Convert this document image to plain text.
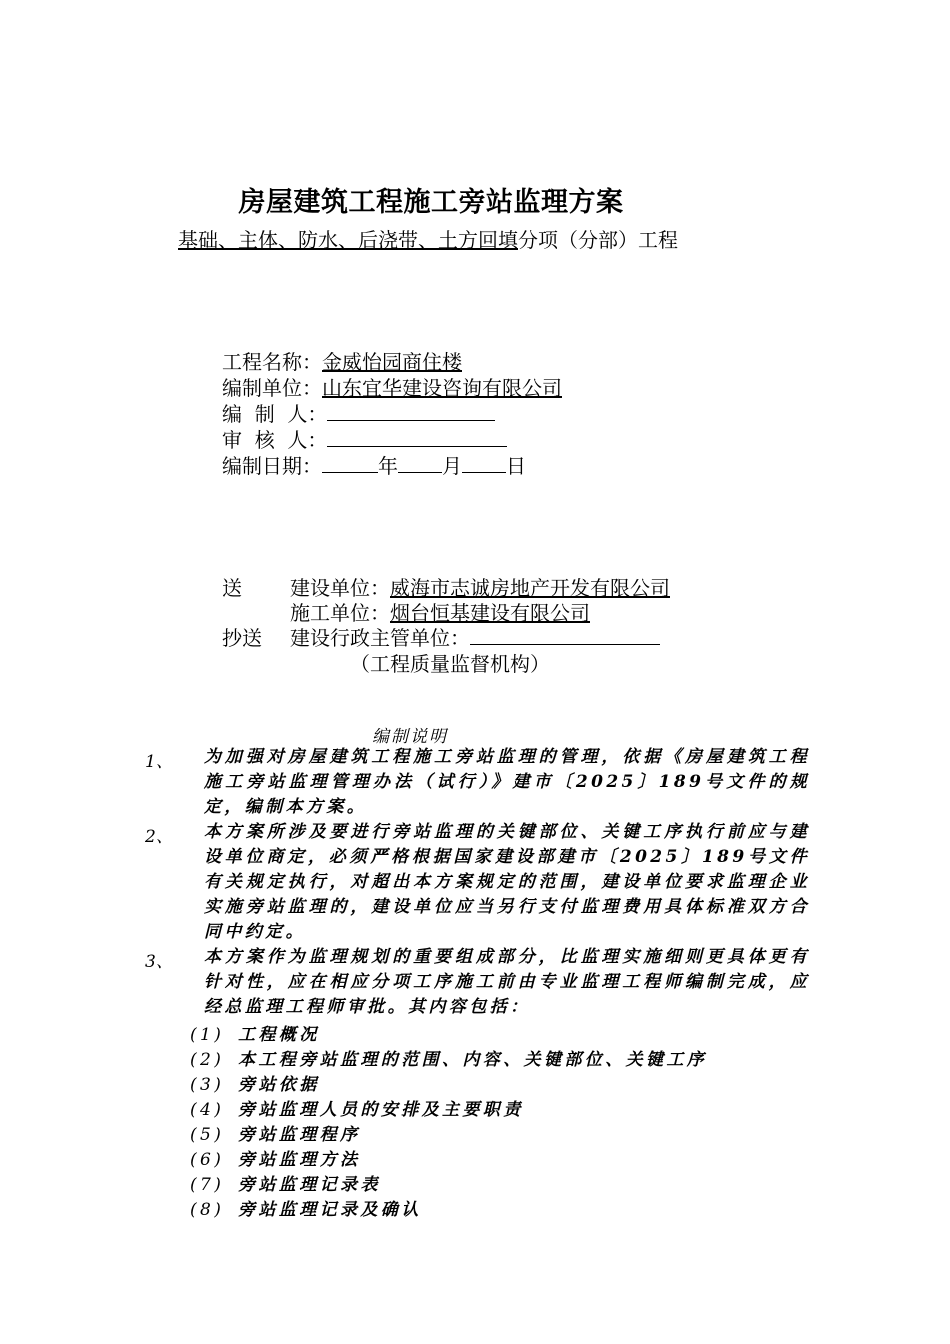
房屋建筑工程施工旁站监理方案
基础、主体、防水、后浇带、土方回填分项（分部）工程
工程名称：金威怡园商住楼
编制单位：山东宜华建设咨询有限公司
编  制  人：
审  核  人：
编制日期：	年 月 日
送 建设单位：威海市志诚房地产开发有限公司
施工单位：烟台恒基建设有限公司
抄送 建设行政主管单位：
（工程质量监督机构）
编制说明
1、 为加强对房屋建筑工程施工旁站监理的管理，依据《房屋建筑工程施工旁站监理管理办法（试行）》建市〔2025〕189号文件的规定，编制本方案。
2、 本方案所涉及要进行旁站监理的关键部位、关键工序执行前应与建设单位商定，必须严格根据国家建设部建市〔2025〕189号文件有关规定执行，对超出本方案规定的范围，建设单位要求监理企业实施旁站监理的，建设单位应当另行支付监理费用具体标准双方合同中约定。
3、 本方案作为监理规划的重要组成部分，比监理实施细则更具体更有针对性，应在相应分项工序施工前由专业监理工程师编制完成，应经总监理工程师审批。其内容包括：
(1) 工程概况
(2) 本工程旁站监理的范围、内容、关键部位、关键工序
(3) 旁站依据
(4) 旁站监理人员的安排及主要职责
(5) 旁站监理程序
(6) 旁站监理方法
(7) 旁站监理记录表
(8) 旁站监理记录及确认
